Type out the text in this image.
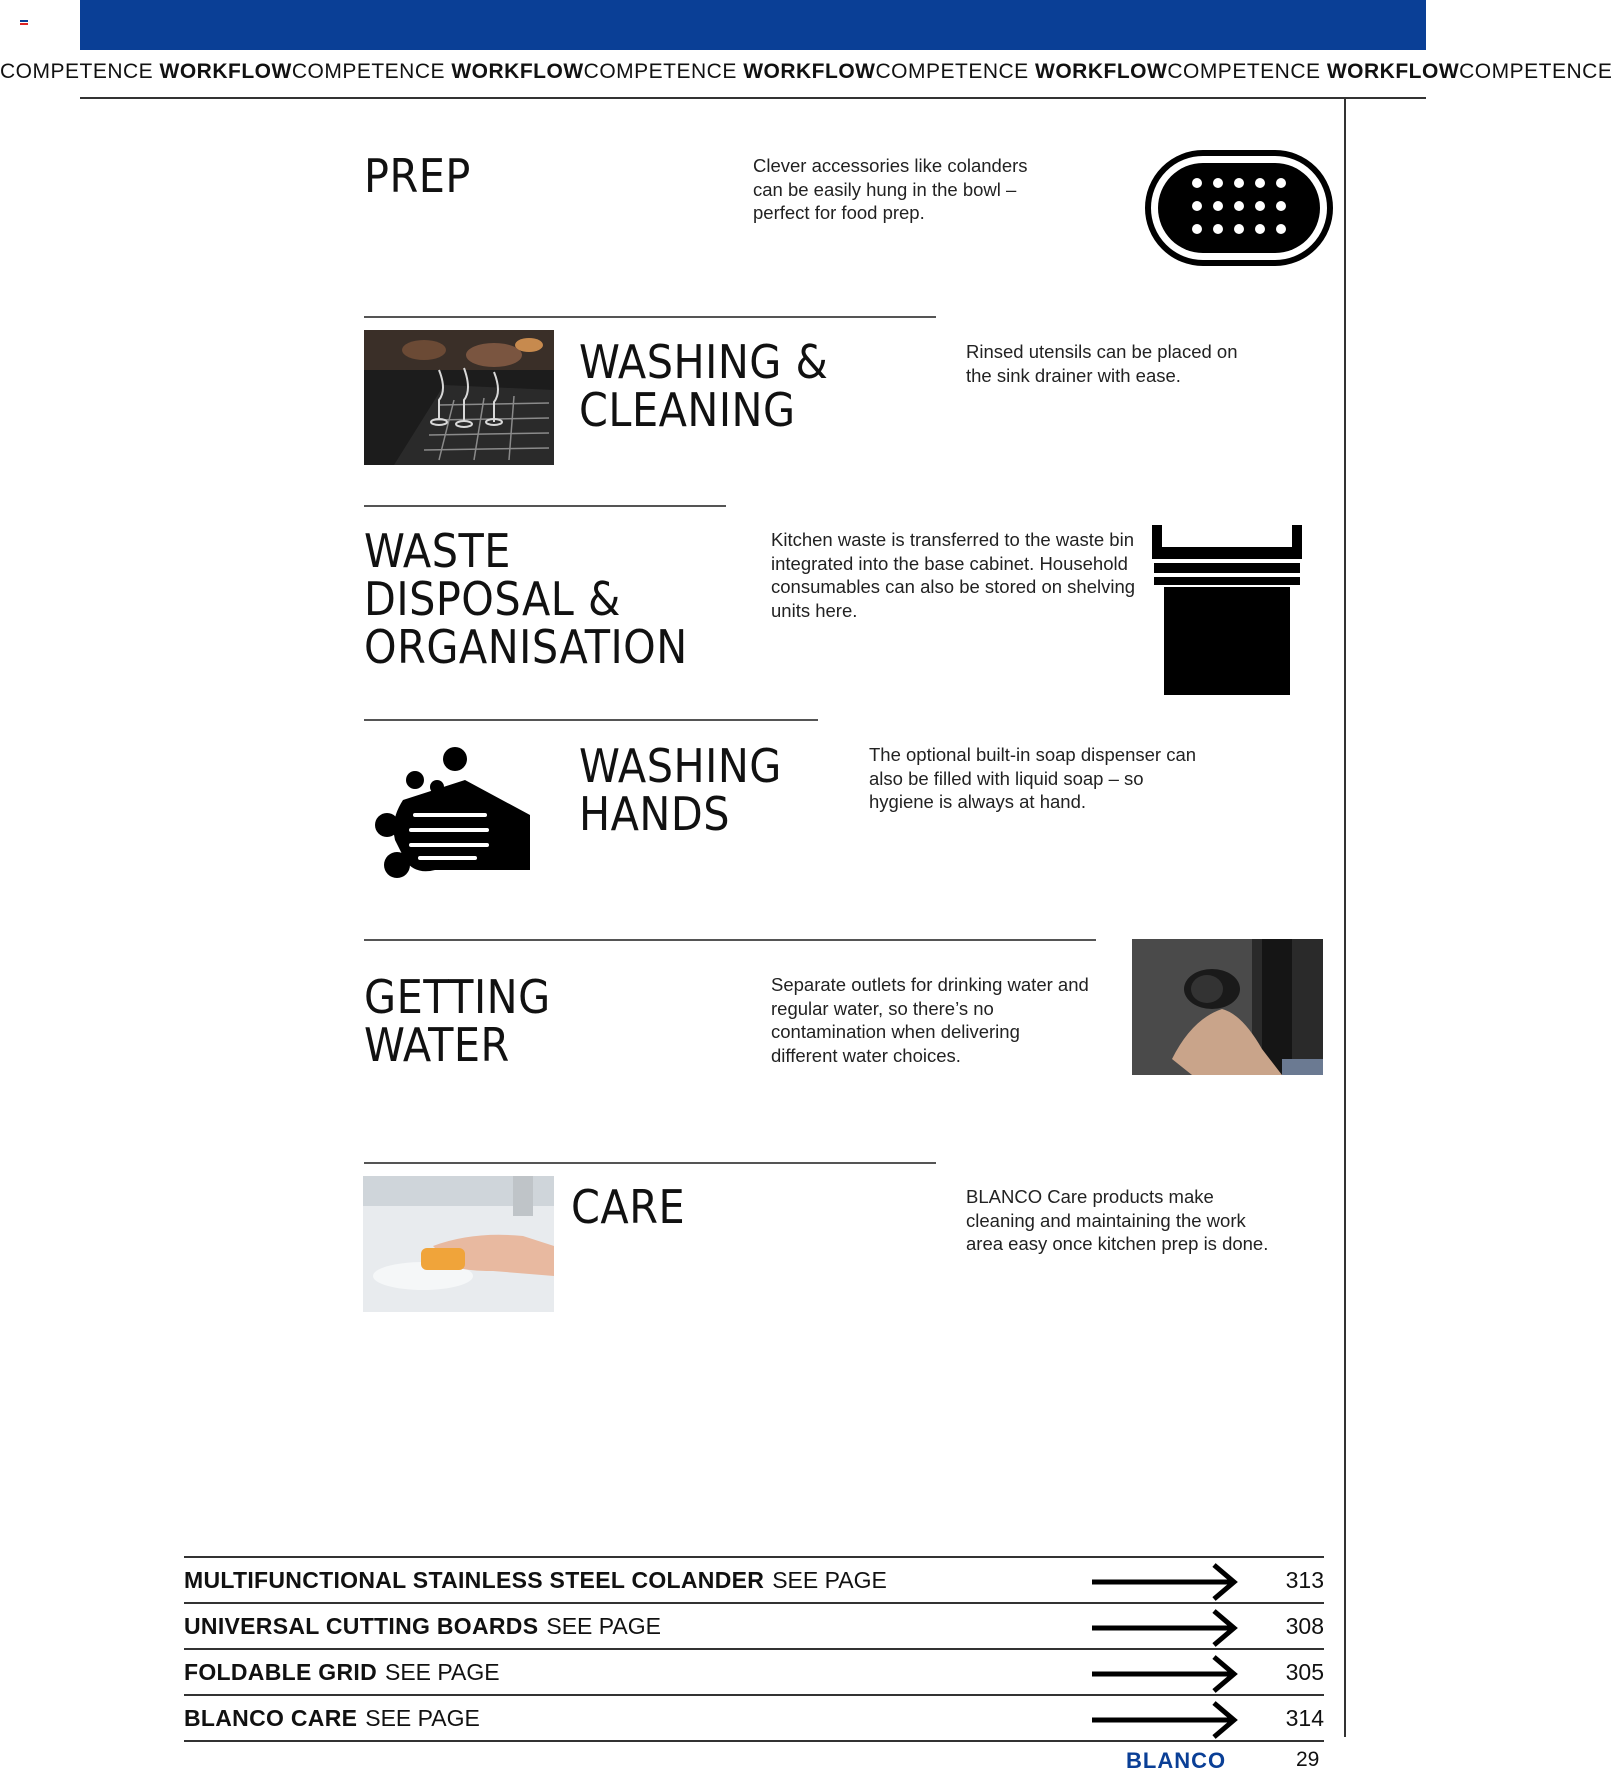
COMPETENCE WORKFLOWCOMPETENCE WORKFLOWCOMPETENCE WORKFLOWCOMPETENCE WORKFLOWCOMPETENCE WORKFLOWCOMPETENCE
PREP	Clever accessories like colanders can be easily hung in the bowl – perfect for food prep.

WASHING &
CLEANING

Rinsed utensils can be placed on the sink drainer with ease.

WASTE
DISPOSAL &
ORGANISATION

Kitchen waste is transferred to the waste bin integrated into the base cabinet. Household consumables can also be stored on shelving units here.

WASHING
HANDS

The optional built-in soap dispenser can also be filled with liquid soap – so hygiene is always at hand.

GETTING
WATER

Separate outlets for drinking water and regular water, so there’s no contamination when delivering different water choices.

CARE	BLANCO Care products make cleaning and maintaining the work area easy once kitchen prep is done.

MULTIFUNCTIONAL STAINLESS STEEL COLANDER SEE PAGE	313
UNIVERSAL CUTTING BOARDS SEE PAGE	308
FOLDABLE GRID SEE PAGE	305
BLANCO CARE SEE PAGE	314
BLANCO	29
